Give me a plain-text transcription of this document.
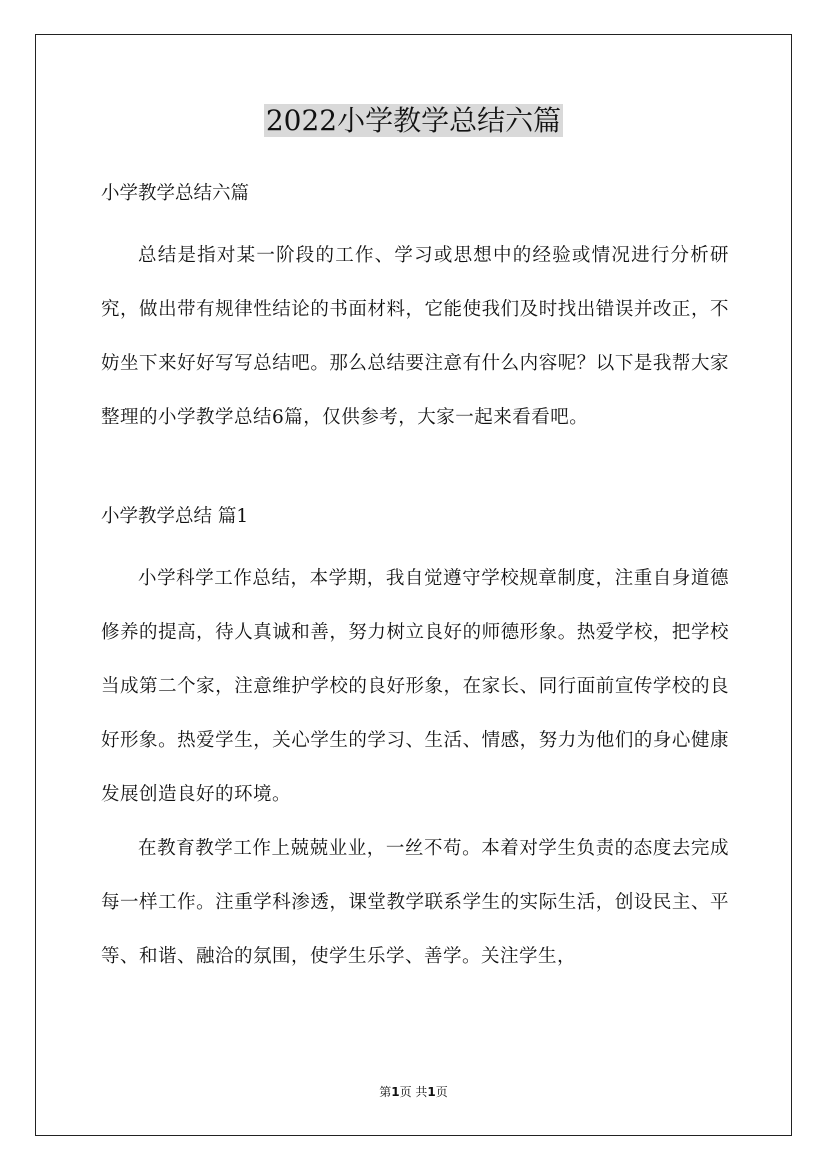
2022小学教学总结六篇

小学教学总结六篇

总结是指对某一阶段的工作、学习或思想中的经验或情况进行分析研究，做出带有规律性结论的书面材料，它能使我们及时找出错误并改正，不妨坐下来好好写写总结吧。那么总结要注意有什么内容呢？以下是我帮大家整理的小学教学总结6篇，仅供参考，大家一起来看看吧。

小学教学总结 篇1

小学科学工作总结，本学期，我自觉遵守学校规章制度，注重自身道德修养的提高，待人真诚和善，努力树立良好的师德形象。热爱学校，把学校当成第二个家，注意维护学校的良好形象，在家长、同行面前宣传学校的良好形象。热爱学生，关心学生的学习、生活、情感，努力为他们的身心健康发展创造良好的环境。

在教育教学工作上兢兢业业，一丝不苟。本着对学生负责的态度去完成每一样工作。注重学科渗透，课堂教学联系学生的实际生活，创设民主、平等、和谐、融洽的氛围，使学生乐学、善学。关注学生，

第1页 共1页
